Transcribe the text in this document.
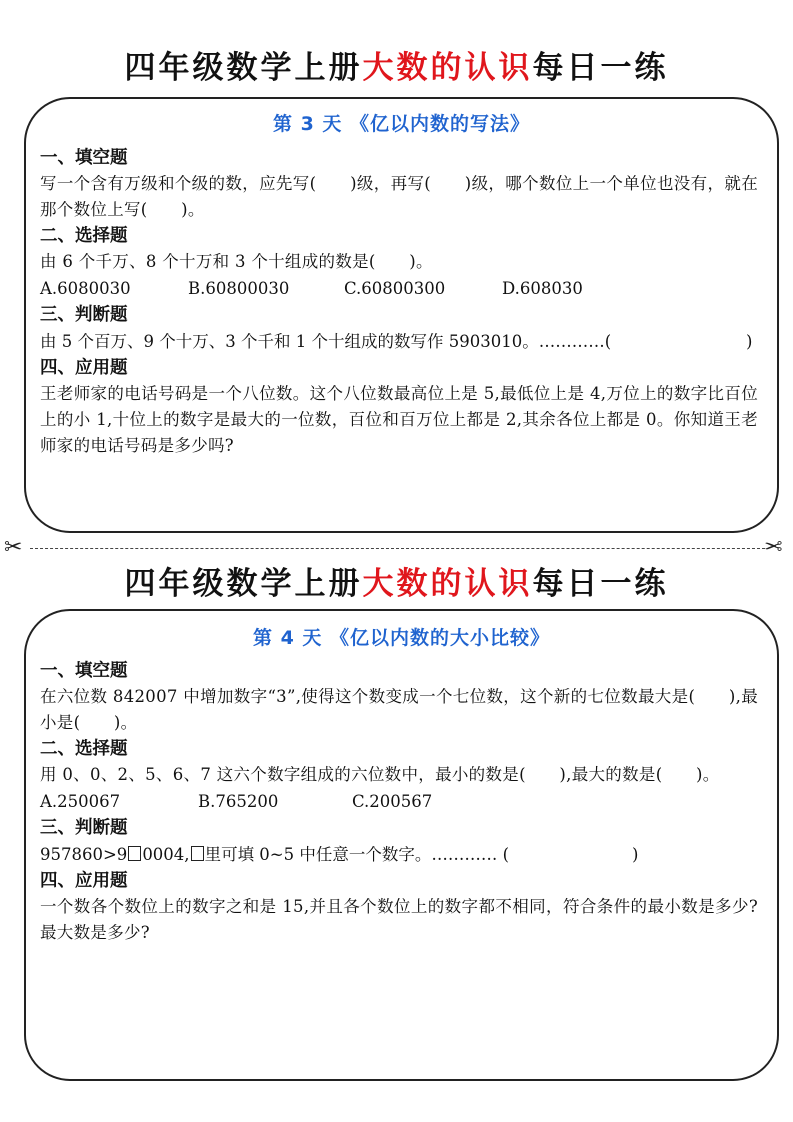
四年级数学上册大数的认识每日一练
第 3 天 《亿以内数的写法》
一、填空题
写一个含有万级和个级的数，应先写(　　)级，再写(　　)级，哪个数位上一个单位也没有，就在那个数位上写(　　)。
二、选择题
由 6 个千万、8 个十万和 3 个十组成的数是(　　)。
A.6080030	B.60800030	C.60800300	D.608030
三、判断题
由 5 个百万、9 个十万、3 个千和 1 个十组成的数写作 5903010。…………(	)
四、应用题
王老师家的电话号码是一个八位数。这个八位数最高位上是 5,最低位上是 4,万位上的数字比百位上的小 1,十位上的数字是最大的一位数，百位和百万位上都是 2,其余各位上都是 0。你知道王老师家的电话号码是多少吗?
✂	✂
四年级数学上册大数的认识每日一练
第 4 天 《亿以内数的大小比较》
一、填空题
在六位数 842007 中增加数字“3”,使得这个数变成一个七位数，这个新的七位数最大是(　　),最小是(　　)。
二、选择题
用 0、0、2、5、6、7 这六个数字组成的六位数中，最小的数是(　　),最大的数是(　　)。
A.250067	B.765200	C.200567
三、判断题
957860>9 0004, 里可填 0~5 中任意一个数字。………… (	)
四、应用题
一个数各个数位上的数字之和是 15,并且各个数位上的数字都不相同，符合条件的最小数是多少?最大数是多少?
